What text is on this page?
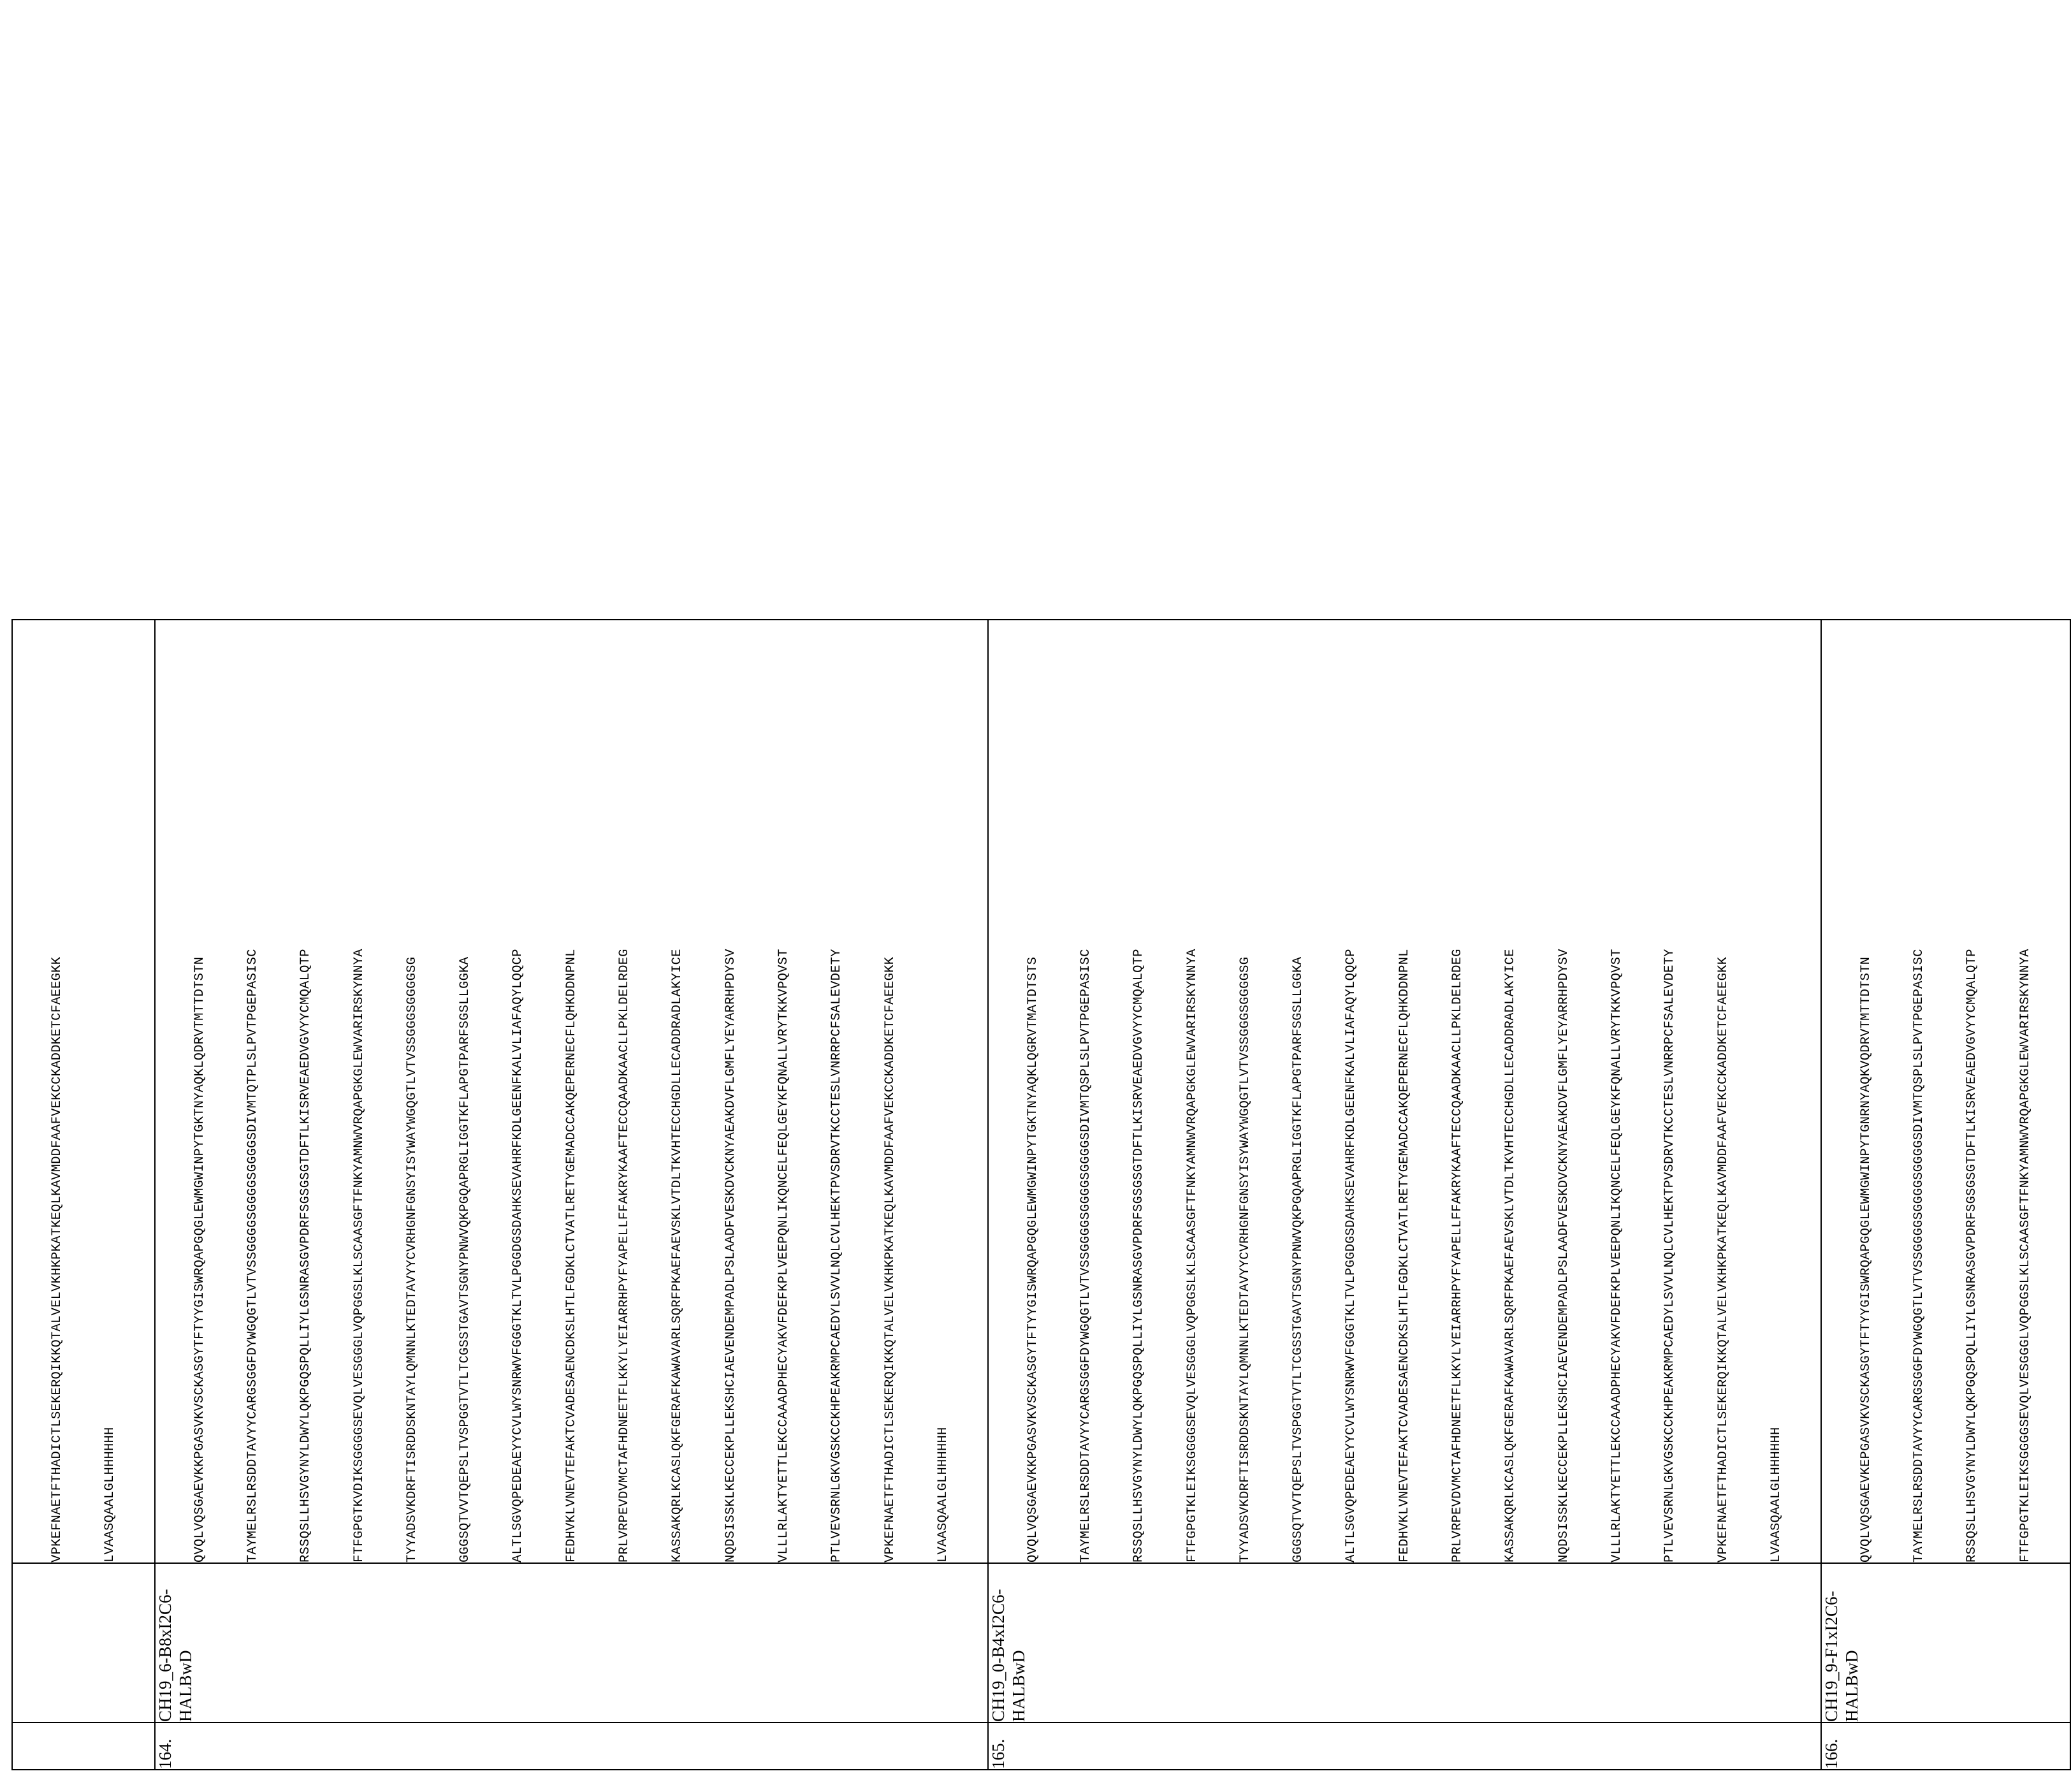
		VPKEFNAETFTHADICTLSEKERQIKKQTALVELVKHKPKATKEQLKAVMDDFAAFVEKCCKADDKETCFAEEGKK

LVAASQAALGLHHHHHH

164.	CH19_6-B8xI2C6-HALBwD	

QVQLVQSGAEVKKPGASVKVSCKASGYTFTYYGISWRQAPGQGLEWMGWINPYTGKTNYAQKLQDRVTMTTDTSTN

	TAYMELRSLRSDDTAVYYCARGSGGFDYWGQGTLVTVSSGGGGSGGGGSGGGGSDIVMTQTPLSLPVTPGEPASISC

	RSSQSLLHSVGYNYLDWYLQKPGQSPQLLIYLGSNRASGVPDRFSGSGSGTDFTLKISRVEAEDVGVYYCMQALQTP

	FTFGPGTKVDIKSGGGGSEVQLVESGGGLVQPGGSLKLSCAASGFTFNKYAMNWVRQAPGKGLEWVARIRSKYNNYA

	TYYADSVKDRFTISRDDSKNTAYLQMNNLKTEDTAVYYCVRHGNFGNSYISYWAYWGQGTLVTVSSGGGSGGGGSG

	GGGSQTVVTQEPSLTVSPGGTVTLTCGSSTGAVTSGNYPNWVQKPGQAPRGLIGGTKFLAPGTPARFSGSLLGGKA

	ALTLSGVQPEDEAEYYCVLWYSNRWVFGGGTKLTVLPGGDGSDAHKSEVAHRFKDLGEENFKALVLIAFAQYLQQCP

	FEDHVKLVNEVTEFAKTCVADESAENCDKSLHTLFGDKLCTVATLRETYGEMADCCAKQEPERNECFLQHKDDNPNL

	PRLVRPEVDVMCTAFHDNEETFLKKYLYEIARRHPYFYAPELLFFAKRYKAAFTECCQAADKAACLLPKLDELRDEG

	KASSAKQRLKCASLQKFGERAFKAWAVARLSQRFPKAEFAEVSKLVTDLTKVHTECCHGDLLECADDRADLAKYICE

	NQDSISSKLKECCEKPLLEKSHCIAEVENDEMPADLPSLAADFVESKDVCKNYAEAKDVFLGMFLYEYARRHPDYSV

	VLLLRLAKTYETTLEKCCAAADPHECYAKVFDEFKPLVEEPQNLIKQNCELFEQLGEYKFQNALLVRYTKKVPQVST

	PTLVEVSRNLGKVGSKCCKHPEAKRMPCAEDYLSVVLNQLCVLHEKTPVSDRVTKCCTESLVNRRPCFSALEVDETY

	VPKEFNAETFTHADICTLSEKERQIKKQTALVELVKHKPKATKEQLKAVMDDFAAFVEKCCKADDKETCFAEEGKK

	LVAASQAALGLHHHHHH

165.	CH19_0-B4xI2C6-HALBwD	

QVQLVQSGAEVKKPGASVKVSCKASGYTFTYYGISWRQAPGQGLEWMGWINPYTGKTNYAQKLQGRVTMATDTSTS

	TAYMELRSLRSDDTAVYYCARGSGGFDYWGQGTLVTVSSGGGGSGGGGSGGGGSDIVMTQSPLSLPVTPGEPASISC

	RSSQSLLHSVGYNYLDWYLQKPGQSPQLLIYLGSNRASGVPDRFSGSGSGTDFTLKISRVEAEDVGVYYCMQALQTP

	FTFGPGTKLEIKSGGGGSEVQLVESGGGLVQPGGSLKLSCAASGFTFNKYAMNWVRQAPGKGLEWVARIRSKYNNYA

	TYYADSVKDRFTISRDDSKNTAYLQMNNLKTEDTAVYYCVRHGNFGNSYISYWAYWGQGTLVTVSSGGGSGGGGSG

	GGGSQTVVTQEPSLTVSPGGTVTLTCGSSTGAVTSGNYPNWVQKPGQAPRGLIGGTKFLAPGTPARFSGSLLGGKA

	ALTLSGVQPEDEAEYYCVLWYSNRWVFGGGTKLTVLPGGDGSDAHKSEVAHRFKDLGEENFKALVLIAFAQYLQQCP

	FEDHVKLVNEVTEFAKTCVADESAENCDKSLHTLFGDKLCTVATLRETYGEMADCCAKQEPERNECFLQHKDDNPNL

	PRLVRPEVDVMCTAFHDNEETFLKKYLYEIARRHPYFYAPELLFFAKRYKAAFTECCQAADKAACLLPKLDELRDEG

	KASSAKQRLKCASLQKFGERAFKAWAVARLSQRFPKAEFAEVSKLVTDLTKVHTECCHGDLLECADDRADLAKYICE

	NQDSISSKLKECCEKPLLEKSHCIAEVENDEMPADLPSLAADFVESKDVCKNYAEAKDVFLGMFLYEYARRHPDYSV

	VLLLRLAKTYETTLEKCCAAADPHECYAKVFDEFKPLVEEPQNLIKQNCELFEQLGEYKFQNALLVRYTKKVPQVST

	PTLVEVSRNLGKVGSKCCKHPEAKRMPCAEDYLSVVLNQLCVLHEKTPVSDRVTKCCTESLVNRRPCFSALEVDETY

	VPKEFNAETFTHADICTLSEKERQIKKQTALVELVKHKPKATKEQLKAVMDDFAAFVEKCCKADDKETCFAEEGKK

	LVAASQAALGLHHHHHH

166.	CH19_9-F1xI2C6-HALBwD	QVQLVQSGAEVKEPGASVKVSCKASGYTFTYYGISWRQAPGQGLEWMGWINPYTGNRNYAQKVQDRVTMTTDTSTN

TAYMELRSLRSDDTAVYYCARGSGGFDYWGQGTLVTVSSGGGGSGGGGSGGGGSDIVMTQSPLSLPVTPGEPASISC

RSSQSLLHSVGYNYLDWYLQKPGQSPQLLIYLGSNRASGVPDRFSGSGSGTDFTLKISRVEAEDVGVYYCMQALQTP

FTFGPGTKLEIKSGGGGSEVQLVESGGGLVQPGGSLKLSCAASGFTFNKYAMNWVRQAPGKGLEWVARIRSKYNNYA
